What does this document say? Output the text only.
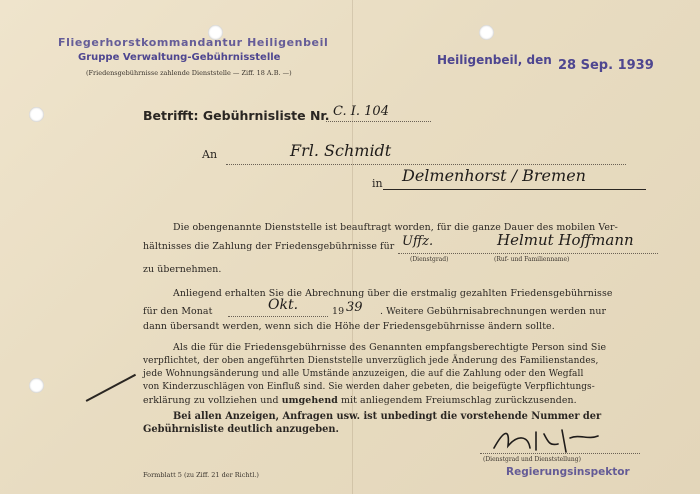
Fliegerhorstkommandantur Heiligenbeil
Gruppe Verwaltung-Gebührnisstelle
(Friedensgebührnisse zahlende Dienststelle — Ziff. 18 A.B. —)
Heiligenbeil, den 28 Sep. 1939
Betrifft: Gebührnisliste Nr. C. I. 104
An	Frl. Schmidt
in Delmenhorst / Bremen
Die obengenannte Dienststelle ist beauftragt worden, für die ganze Dauer des mobilen Ver-
hältnisses die Zahlung der Friedensgebührnisse für Uffz.	Helmut Hoffmann
(Dienstgrad)	(Ruf- und Familienname)
zu übernehmen.
Anliegend erhalten Sie die Abrechnung über die erstmalig gezahlten Friedensgebührnisse
für den Monat	Okt.	19 39 . Weitere Gebührnisabrechnungen werden nur
dann übersandt werden, wenn sich die Höhe der Friedensgebührnisse ändern sollte.
Als die für die Friedensgebührnisse des Genannten empfangsberechtigte Person sind Sie
verpflichtet, der oben angeführten Dienststelle unverzüglich jede Änderung des Familienstandes,
jede Wohnungsänderung und alle Umstände anzuzeigen, die auf die Zahlung oder den Wegfall
von Kinderzuschlägen von Einfluß sind. Sie werden daher gebeten, die beigefügte Verpflichtungs-
erklärung zu vollziehen und umgehend mit anliegendem Freiumschlag zurückzusenden.
Bei allen Anzeigen, Anfragen usw. ist unbedingt die vorstehende Nummer der
Gebührnisliste deutlich anzugeben.
(Dienstgrad und Dienststellung)
Regierungsinspektor
Formblatt 5 (zu Ziff. 21 der Richtl.)
